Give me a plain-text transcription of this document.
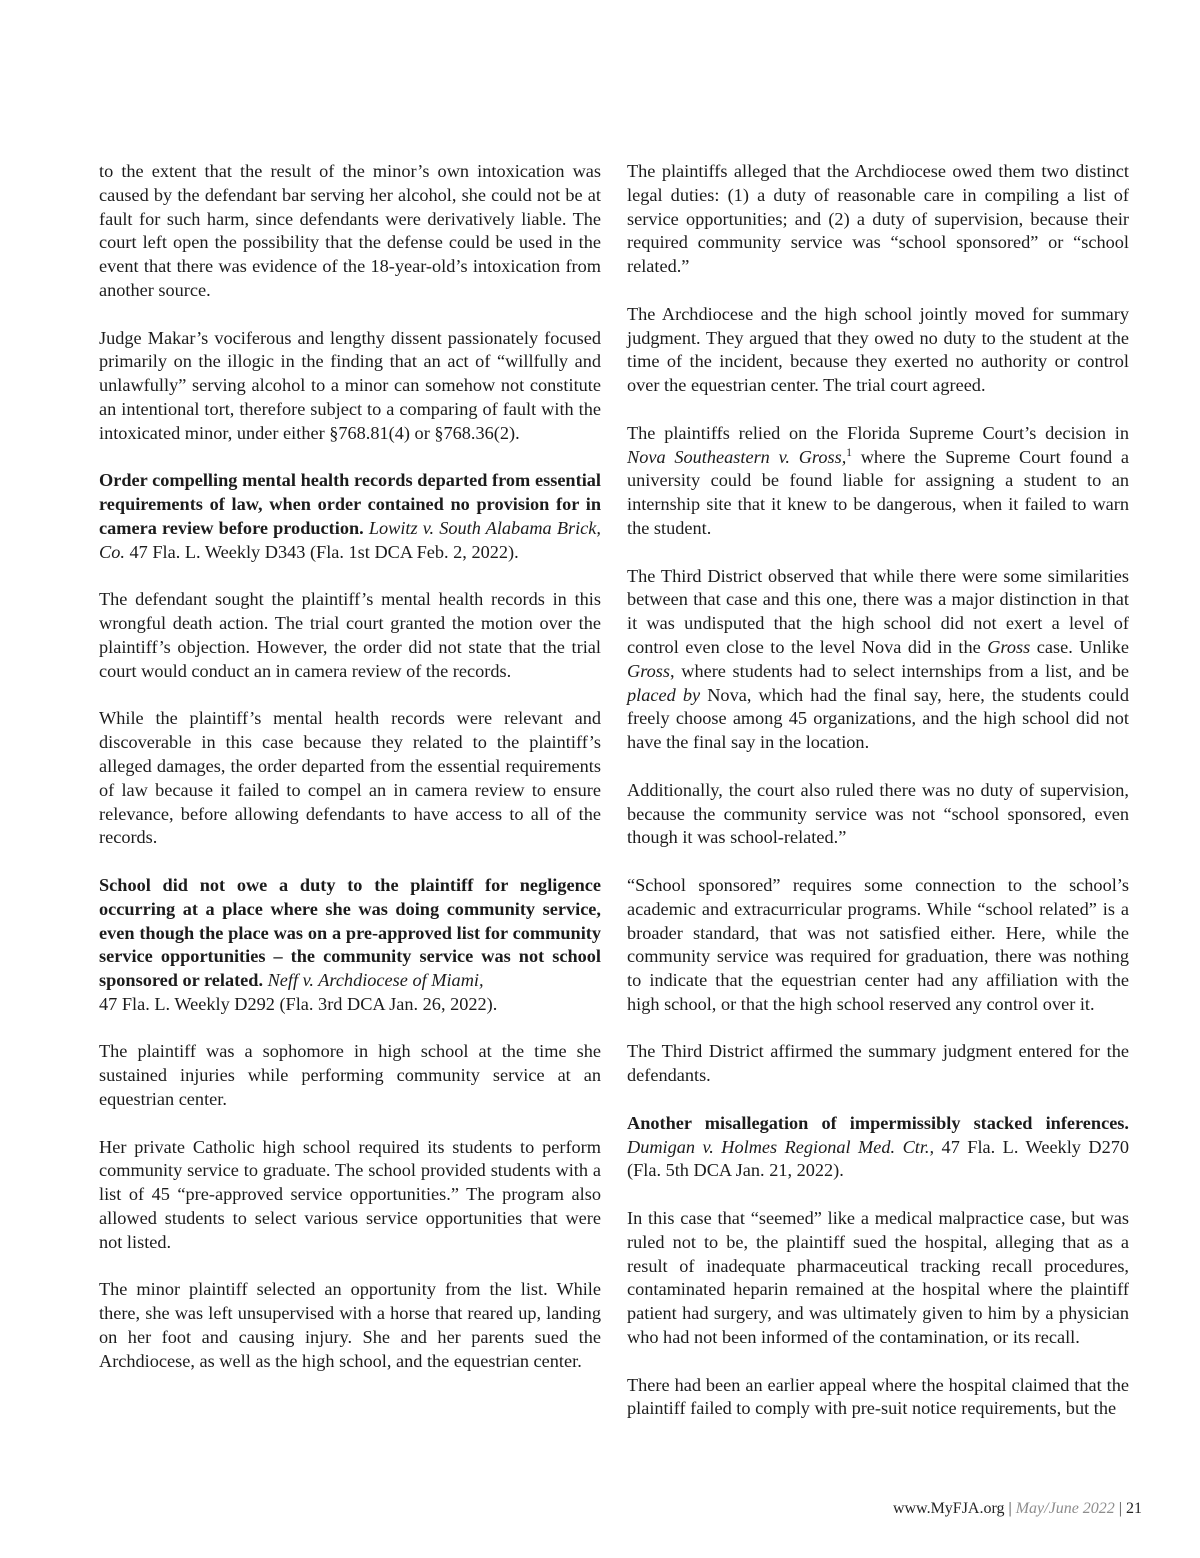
to the extent that the result of the minor’s own intoxication was caused by the defendant bar serving her alcohol, she could not be at fault for such harm, since defendants were derivatively liable. The court left open the possibility that the defense could be used in the event that there was evidence of the 18-year-old’s intoxication from another source.

Judge Makar’s vociferous and lengthy dissent passionately focused primarily on the illogic in the finding that an act of “willfully and unlawfully” serving alcohol to a minor can somehow not constitute an intentional tort, therefore subject to a comparing of fault with the intoxicated minor, under either §768.81(4) or §768.36(2).

Order compelling mental health records departed from essential requirements of law, when order contained no provision for in camera review before production. Lowitz v. South Alabama Brick, Co. 47 Fla. L. Weekly D343 (Fla. 1st DCA Feb. 2, 2022).

The defendant sought the plaintiff’s mental health records in this wrongful death action. The trial court granted the motion over the plaintiff’s objection. However, the order did not state that the trial court would conduct an in camera review of the records.

While the plaintiff’s mental health records were relevant and discoverable in this case because they related to the plaintiff’s alleged damages, the order departed from the essential requirements of law because it failed to compel an in camera review to ensure relevance, before allowing defendants to have access to all of the records.

School did not owe a duty to the plaintiff for negligence occurring at a place where she was doing community service, even though the place was on a pre-approved list for community service opportunities – the community service was not school sponsored or related. Neff v. Archdiocese of Miami,
47 Fla. L. Weekly D292 (Fla. 3rd DCA Jan. 26, 2022).

The plaintiff was a sophomore in high school at the time she sustained injuries while performing community service at an equestrian center.

Her private Catholic high school required its students to perform community service to graduate. The school provided students with a list of 45 “pre-approved service opportunities.” The program also allowed students to select various service opportunities that were not listed.

The minor plaintiff selected an opportunity from the list. While there, she was left unsupervised with a horse that reared up, landing on her foot and causing injury. She and her parents sued the Archdiocese, as well as the high school, and the equestrian center.

The plaintiffs alleged that the Archdiocese owed them two distinct legal duties: (1) a duty of reasonable care in compiling a list of service opportunities; and (2) a duty of supervision, because their required community service was “school sponsored” or “school related.”

The Archdiocese and the high school jointly moved for summary judgment. They argued that they owed no duty to the student at the time of the incident, because they exerted no authority or control over the equestrian center. The trial court agreed.

The plaintiffs relied on the Florida Supreme Court’s decision in Nova Southeastern v. Gross,$^1$ where the Supreme Court found a university could be found liable for assigning a student to an internship site that it knew to be dangerous, when it failed to warn the student.

The Third District observed that while there were some similarities between that case and this one, there was a major distinction in that it was undisputed that the high school did not exert a level of control even close to the level Nova did in the Gross case. Unlike Gross, where students had to select internships from a list, and be placed by Nova, which had the final say, here, the students could freely choose among 45 organizations, and the high school did not have the final say in the location.

Additionally, the court also ruled there was no duty of supervision, because the community service was not “school sponsored, even though it was school-related.”

“School sponsored” requires some connection to the school’s academic and extracurricular programs. While “school related” is a broader standard, that was not satisfied either. Here, while the community service was required for graduation, there was nothing to indicate that the equestrian center had any affiliation with the high school, or that the high school reserved any control over it.

The Third District affirmed the summary judgment entered for the defendants.

Another misallegation of impermissibly stacked inferences. Dumigan v. Holmes Regional Med. Ctr., 47 Fla. L. Weekly D270 (Fla. 5th DCA Jan. 21, 2022).

In this case that “seemed” like a medical malpractice case, but was ruled not to be, the plaintiff sued the hospital, alleging that as a result of inadequate pharmaceutical tracking recall procedures, contaminated heparin remained at the hospital where the plaintiff patient had surgery, and was ultimately given to him by a physician who had not been informed of the contamination, or its recall.

There had been an earlier appeal where the hospital claimed that the plaintiff failed to comply with pre-suit notice requirements, but the

www.MyFJA.org | May/June 2022 | 21
